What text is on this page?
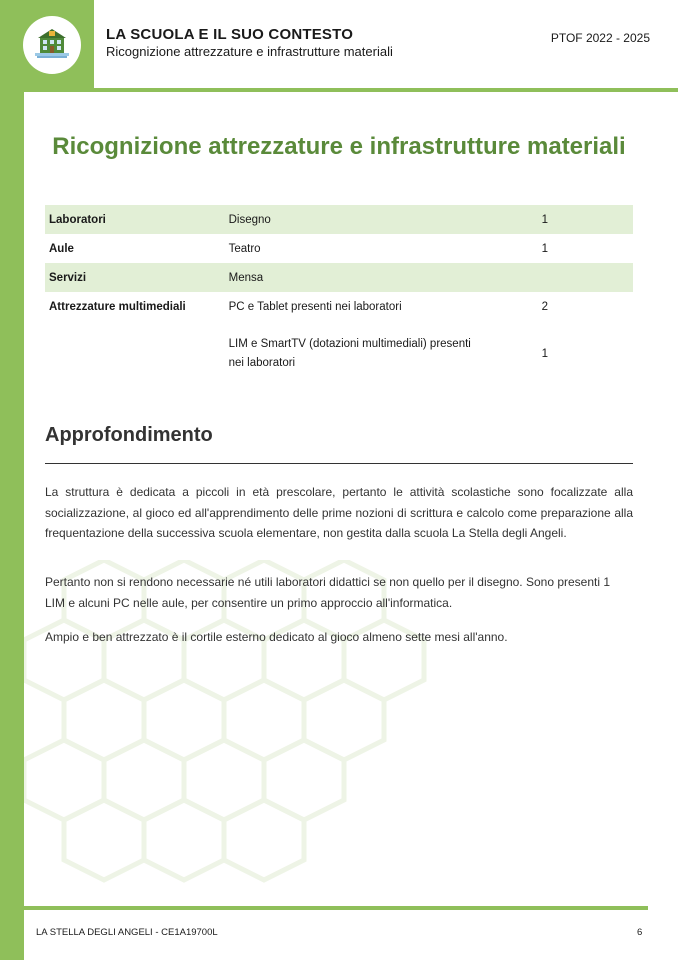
LA SCUOLA E IL SUO CONTESTO
Ricognizione attrezzature e infrastrutture materiali
PTOF 2022 - 2025
Ricognizione attrezzature e infrastrutture materiali
Laboratori	Disegno	1
Aule	Teatro	1
Servizi	Mensa	
Attrezzature multimediali	PC e Tablet presenti nei laboratori	2
	LIM e SmartTV (dotazioni multimediali) presenti nei laboratori	1
Approfondimento

La struttura è dedicata a piccoli in età prescolare, pertanto le attività scolastiche sono focalizzate alla socializzazione, al gioco ed all'apprendimento delle prime nozioni di scrittura e calcolo come preparazione alla frequentazione della successiva scuola elementare, non gestita dalla scuola La Stella degli Angeli.

Pertanto non si rendono necessarie né utili laboratori didattici se non quello per il disegno. Sono presenti 1 LIM e alcuni PC nelle aule, per consentire un primo approccio all'informatica.

Ampio e ben attrezzato è il cortile esterno dedicato al gioco almeno sette mesi all'anno.

LA STELLA DEGLI ANGELI - CE1A19700L	6
